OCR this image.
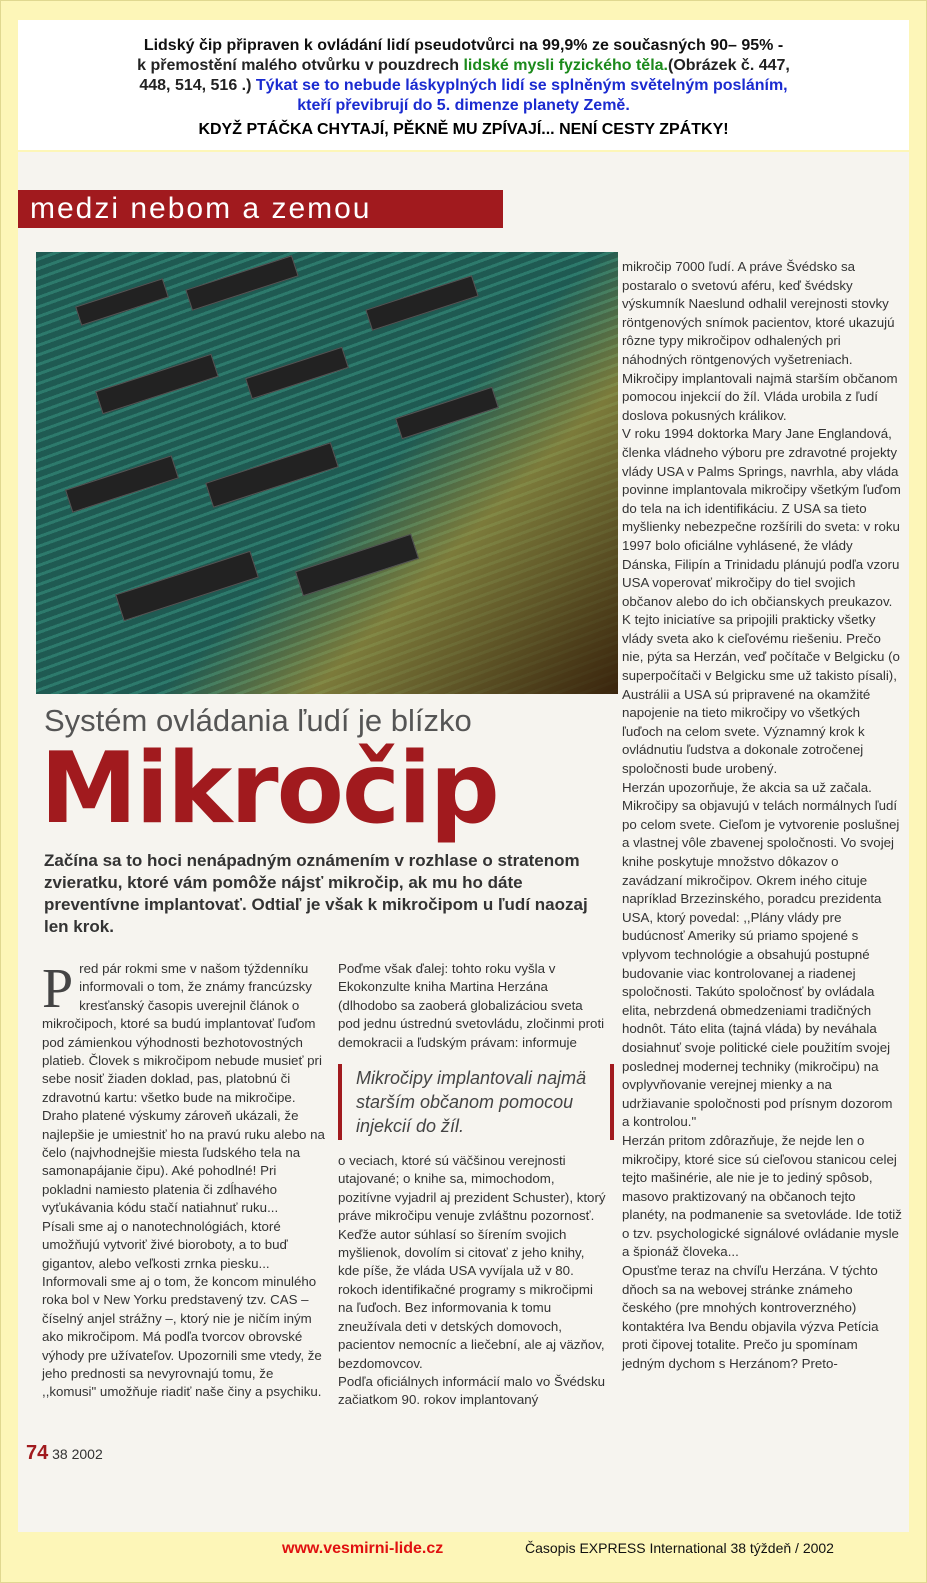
Lidský čip připraven k ovládání lidí pseudotvůrci na 99,9% ze současných 90– 95% -
k přemostění malého otvůrku v pouzdrech lidské mysli fyzického těla.(Obrázek č. 447,
448, 514, 516 .) Týkat se to nebude láskyplných lidí se splněným světelným posláním,
kteří převibrují do 5. dimenze planety Země.
KDYŽ PTÁČKA CHYTAJÍ, PĚKNĚ MU ZPÍVAJÍ... NENÍ CESTY ZPÁTKY!
medzi nebom a zemou

mikročip 7000 ľudí. A práve Švédsko sa postaralo o svetovú aféru, keď švédsky výskumník Naeslund odhalil verejnosti stovky röntgenových snímok pacientov, ktoré ukazujú rôzne typy mikročipov odhalených pri náhodných röntgenových vyšetreniach. Mikročipy implantovali najmä starším občanom pomocou injekcií do žíl. Vláda urobila z ľudí doslova pokusných králikov.

V roku 1994 doktorka Mary Jane Englandová, členka vládneho výboru pre zdravotné projekty vlády USA v Palms Springs, navrhla, aby vláda povinne implantovala mikročipy všetkým ľuďom do tela na ich identifikáciu. Z USA sa tieto myšlienky nebezpečne rozšírili do sveta: v roku 1997 bolo oficiálne vyhlásené, že vlády Dánska, Filipín a Trinidadu plánujú podľa vzoru USA voperovať mikročipy do tiel svojich občanov alebo do ich občianskych preukazov. K tejto iniciatíve sa pripojili prakticky všetky vlády sveta ako k cieľovému riešeniu. Prečo nie, pýta sa Herzán, veď počítače v Belgicku (o superpočítači v Belgicku sme už takisto písali), Austrálii a USA sú pripravené na okamžité napojenie na tieto mikročipy vo všetkých ľuďoch na celom svete. Významný krok k ovládnutiu ľudstva a dokonale zotročenej spoločnosti bude urobený.

Herzán upozorňuje, že akcia sa už začala. Mikročipy sa objavujú v telách normálnych ľudí po celom svete. Cieľom je vytvorenie poslušnej a vlastnej vôle zbavenej spoločnosti. Vo svojej knihe poskytuje množstvo dôkazov o zavádzaní mikročipov. Okrem iného cituje napríklad Brzezinského, poradcu prezidenta USA, ktorý povedal: ,,Plány vlády pre budúcnosť Ameriky sú priamo spojené s vplyvom technológie a obsahujú postupné budovanie viac kontrolovanej a riadenej spoločnosti. Takúto spoločnosť by ovládala elita, nebrzdená obmedzeniami tradičných hodnôt. Táto elita (tajná vláda) by neváhala dosiahnuť svoje politické ciele použitím svojej poslednej modernej techniky (mikročipu) na ovplyvňovanie verejnej mienky a na udržiavanie spoločnosti pod prísnym dozorom a kontrolou."

Herzán pritom zdôrazňuje, že nejde len o mikročipy, ktoré sice sú cieľovou stanicou celej tejto mašinérie, ale nie je to jediný spôsob, masovo praktizovaný na občanoch tejto planéty, na podmanenie sa svetovláde. Ide totiž o tzv. psychologické signálové ovládanie mysle a špionáž človeka...

Opusťme teraz na chvíľu Herzána. V týchto dňoch sa na webovej stránke známeho českého (pre mnohých kontroverzného) kontaktéra Iva Bendu objavila výzva Petícia proti čipovej totalite. Prečo ju spomínam jedným dychom s Herzánom? Preto-

Systém ovládania ľudí je blízko
Mikročip
Začína sa to hoci nenápadným oznámením v rozhlase o stratenom zvieratku, ktoré vám pomôže nájsť mikročip, ak mu ho dáte preventívne implantovať. Odtiaľ je však k mikročipom u ľudí naozaj len krok.
P red pár rokmi sme v našom týždenníku informovali o tom, že známy francúzsky kresťanský časopis uverejnil článok o mikročipoch, ktoré sa budú implantovať ľuďom pod zámienkou výhodnosti bezhotovostných platieb. Človek s mikročipom nebude musieť pri sebe nosiť žiaden doklad, pas, platobnú či zdravotnú kartu: všetko bude na mikročipe. Draho platené výskumy zároveň ukázali, že najlepšie je umiestniť ho na pravú ruku alebo na čelo (najvhodnejšie miesta ľudského tela na samonapájanie čipu). Aké pohodlné! Pri pokladni namiesto platenia či zdĺhavého vyťukávania kódu stačí natiahnuť ruku...

Písali sme aj o nanotechnológiách, ktoré umožňujú vytvoriť živé bioroboty, a to buď gigantov, alebo veľkosti zrnka piesku... Informovali sme aj o tom, že koncom minulého roka bol v New Yorku predstavený tzv. CAS – číselný anjel strážny –, ktorý nie je ničím iným ako mikročipom. Má podľa tvorcov obrovské výhody pre užívateľov. Upozornili sme vtedy, že jeho prednosti sa nevyrovnajú tomu, že ,,komusi" umožňuje riadiť naše činy a psychiku.

Poďme však ďalej: tohto roku vyšla v Ekokonzulte kniha Martina Herzána (dlhodobo sa zaoberá globalizáciou sveta pod jednu ústrednú svetovládu, zločinmi proti demokracii a ľudským právam: informuje

Mikročipy implantovali najmä starším občanom pomocou injekcií do žíl.

o veciach, ktoré sú väčšinou verejnosti utajované; o knihe sa, mimochodom, pozitívne vyjadril aj prezident Schuster), ktorý práve mikročipu venuje zvláštnu pozornosť.

Keďže autor súhlasí so šírením svojich myšlienok, dovolím si citovať z jeho knihy, kde píše, že vláda USA vyvíjala už v 80. rokoch identifikačné programy s mikročipmi na ľuďoch. Bez informovania k tomu zneužívala deti v detských domovoch, pacientov nemocníc a liečební, ale aj väzňov, bezdomovcov.

Podľa oficiálnych informácií malo vo Švédsku začiatkom 90. rokov implantovaný

74 38 2002
www.vesmirni-lide.cz	Časopis EXPRESS International 38 týždeň / 2002
